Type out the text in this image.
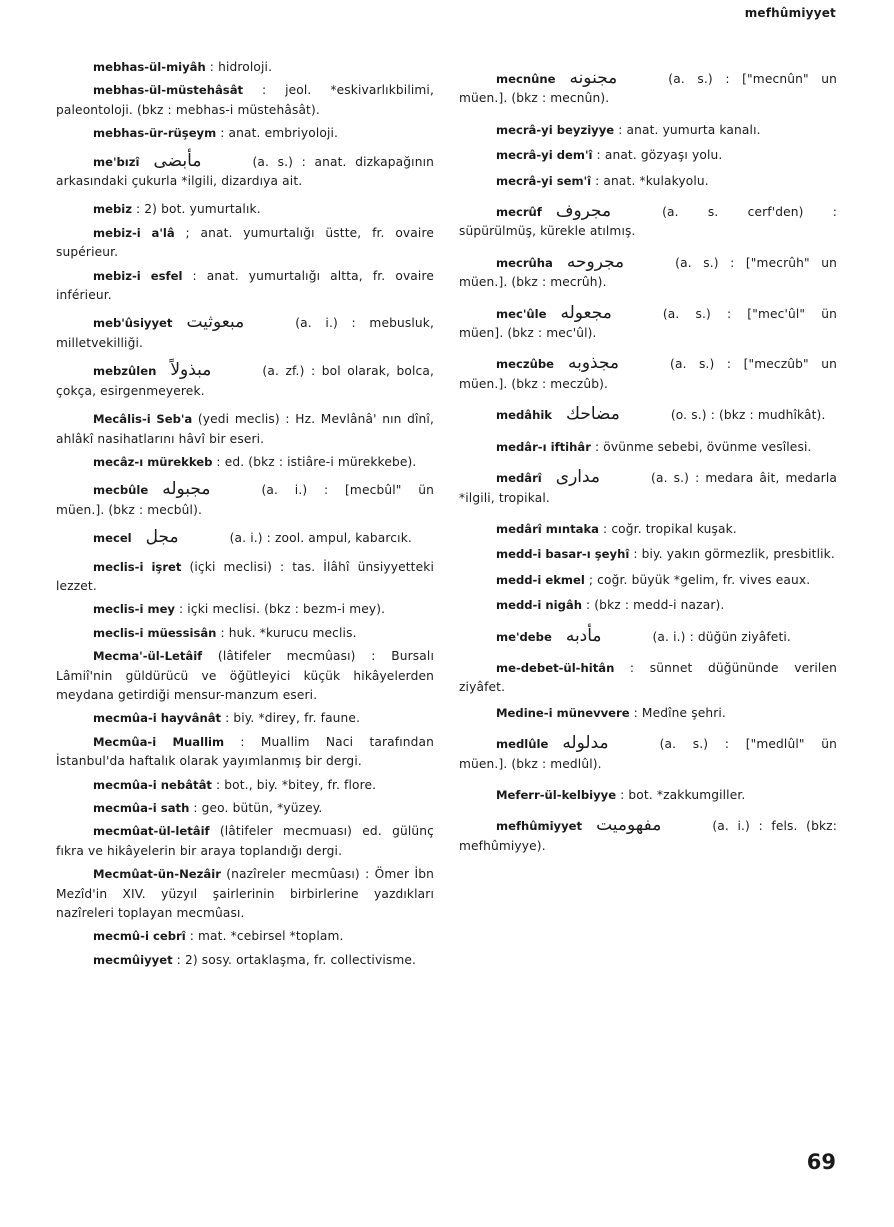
mefhûmiyyet

mebhas-ül-miyâh : hidroloji.

mebhas-ül-müstehâsât : jeol. *eskivarlıkbilimi, paleontoloji. (bkz : mebhas-i müstehâsât).

mebhas-ür-rüşeym : anat. embriyoloji.

me'bızî مأبضى	(a. s.) : anat. dizkapağının arkasındaki çukurla *ilgili, dizardıya ait.

mebiz : 2) bot. yumurtalık.

mebiz-i a'lâ ; anat. yumurtalığı üstte, fr. ovaire supérieur.

mebiz-i esfel : anat. yumurtalığı altta, fr. ovaire inférieur.

meb'ûsiyyet مبعوثيت	(a. i.) : mebusluk, milletvekilliği.

mebzûlen مبذولاً	(a. zf.) : bol olarak, bolca, çokça, esirgenmeyerek.

Mecâlis-i Seb'a (yedi meclis) : Hz. Mevlânâ' nın dînî, ahlâkî nasihatlarını hâvî bir eseri.

mecâz-ı mürekkeb : ed. (bkz : istiâre-i mürekkebe).

mecbûle مجبوله	(a. i.) : [mecbûl" ün müen.]. (bkz : mecbûl).

mecel مجل	(a. i.) : zool. ampul, kabarcık.

meclis-i işret (içki meclisi) : tas. İlâhî ünsiyyetteki lezzet.

meclis-i mey : içki meclisi. (bkz : bezm-i mey).

meclis-i müessisân : huk. *kurucu meclis.

Mecma'-ül-Letâif (lâtifeler mecmûası) : Bursalı Lâmiî'nin güldürücü ve öğütleyici küçük hikâyelerden meydana getirdiği mensur-manzum eseri.

mecmûa-i hayvânât : biy. *direy, fr. faune.

Mecmûa-i Muallim : Muallim Naci tarafından İstanbul'da haftalık olarak yayımlanmış bir dergi.

mecmûa-i nebâtât : bot., biy. *bitey, fr. flore.

mecmûa-i sath : geo. bütün, *yüzey.

mecmûat-ül-letâif (lâtifeler mecmuası) ed. gülünç fıkra ve hikâyelerin bir araya toplandığı dergi.

Mecmûat-ün-Nezâir (nazîreler mecmûası) : Ömer İbn Mezîd'in XIV. yüzyıl şairlerinin birbirlerine yazdıkları nazîreleri toplayan mecmûası.

mecmû-i cebrî : mat. *cebirsel *toplam.

mecmûiyyet : 2) sosy. ortaklaşma, fr. collectivisme.

mecnûne مجنونه	(a. s.) : ["mecnûn" un müen.]. (bkz : mecnûn).

mecrâ-yi beyziyye : anat. yumurta kanalı.

mecrâ-yi dem'î : anat. gözyaşı yolu.

mecrâ-yi sem'î : anat. *kulakyolu.

mecrûf مجروف	(a. s. cerf'den) : süpürülmüş, kürekle atılmış.

mecrûha مجروحه	(a. s.) : ["mecrûh" un müen.]. (bkz : mecrûh).

mec'ûle مجعوله	(a. s.) : ["mec'ûl" ün müen]. (bkz : mec'ûl).

meczûbe مجذوبه	(a. s.) : ["meczûb" un müen.]. (bkz : meczûb).

medâhik مضاحك	(o. s.) : (bkz : mudhîkât).

medâr-ı iftihâr : övünme sebebi, övünme vesîlesi.

medârî مدارى	(a. s.) : medara âit, medarla *ilgili, tropikal.

medârî mıntaka : coğr. tropikal kuşak.

medd-i basar-ı şeyhî : biy. yakın görmezlik, presbitlik.

medd-i ekmel ; coğr. büyük *gelim, fr. vives eaux.

medd-i nigâh : (bkz : medd-i nazar).

me'debe مأدبه	(a. i.) : düğün ziyâfeti.

me-debet-ül-hitân : sünnet düğününde verilen ziyâfet.

Medine-i münevvere : Medîne şehri.

medlûle مدلوله	(a. s.) : ["medlûl" ün müen.]. (bkz : medlûl).

Meferr-ül-kelbiyye : bot. *zakkumgiller.

mefhûmiyyet مفهوميت	(a. i.) : fels. (bkz: mefhûmiyye).

69
